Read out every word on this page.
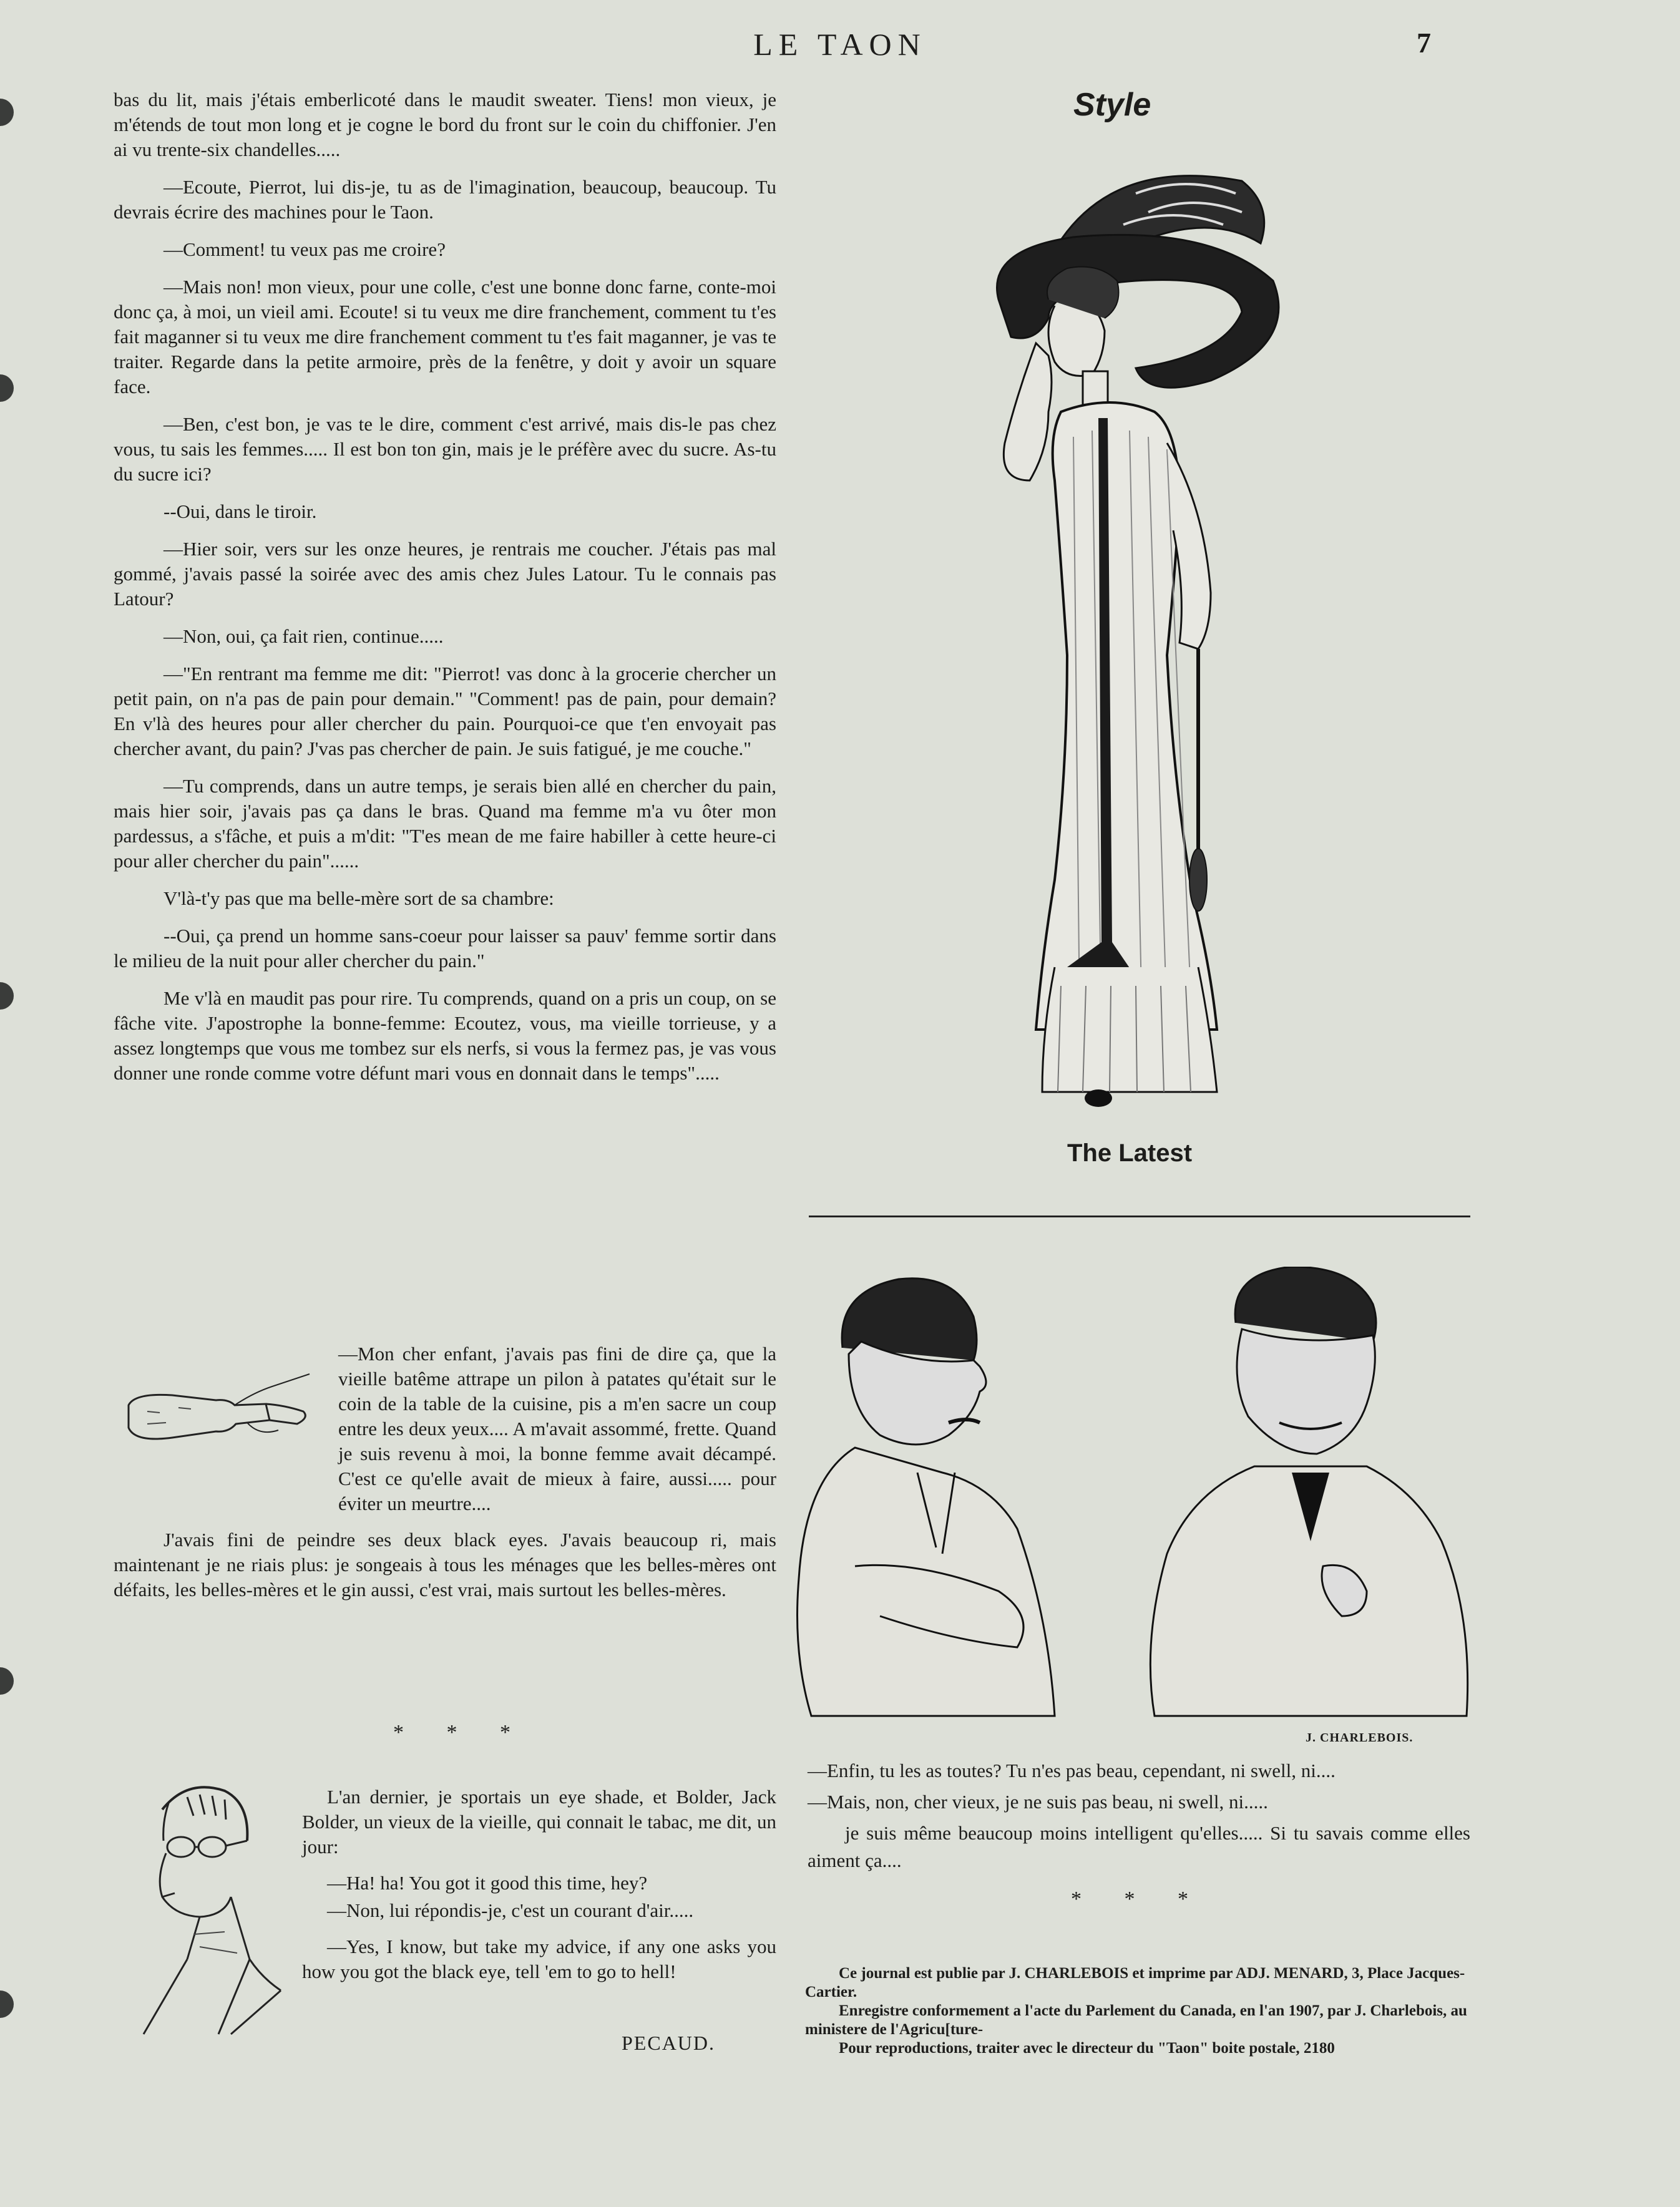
LE TAON	7

bas du lit, mais j'étais emberlicoté dans le maudit sweater. Tiens! mon vieux, je m'étends de tout mon long et je cogne le bord du front sur le coin du chiffonier. J'en ai vu trente-six chandelles.....

—Ecoute, Pierrot, lui dis-je, tu as de l'imagination, beaucoup, beaucoup. Tu devrais écrire des machines pour le Taon.

—Comment! tu veux pas me croire?

—Mais non! mon vieux, pour une colle, c'est une bonne donc farne, conte-moi donc ça, à moi, un vieil ami. Ecoute! si tu veux me dire franchement, comment tu t'es fait maganner si tu veux me dire franchement comment tu t'es fait maganner, je vas te traiter. Regarde dans la petite armoire, près de la fenêtre, y doit y avoir un square face.

—Ben, c'est bon, je vas te le dire, comment c'est arrivé, mais dis-le pas chez vous, tu sais les femmes..... Il est bon ton gin, mais je le préfère avec du sucre. As-tu du sucre ici?

--Oui, dans le tiroir.

—Hier soir, vers sur les onze heures, je rentrais me coucher. J'étais pas mal gommé, j'avais passé la soirée avec des amis chez Jules Latour. Tu le connais pas Latour?

—Non, oui, ça fait rien, continue.....

—"En rentrant ma femme me dit: "Pierrot! vas donc à la grocerie chercher un petit pain, on n'a pas de pain pour demain." "Comment! pas de pain, pour demain? En v'là des heures pour aller chercher du pain. Pourquoi-ce que t'en envoyait pas chercher avant, du pain? J'vas pas chercher de pain. Je suis fatigué, je me couche."

—Tu comprends, dans un autre temps, je serais bien allé en chercher du pain, mais hier soir, j'avais pas ça dans le bras. Quand ma femme m'a vu ôter mon pardessus, a s'fâche, et puis a m'dit: "T'es mean de me faire habiller à cette heure-ci pour aller chercher du pain"......

V'là-t'y pas que ma belle-mère sort de sa chambre:

--Oui, ça prend un homme sans-coeur pour laisser sa pauv' femme sortir dans le milieu de la nuit pour aller chercher du pain."

Me v'là en maudit pas pour rire. Tu comprends, quand on a pris un coup, on se fâche vite. J'apostrophe la bonne-femme: Ecoutez, vous, ma vieille torrieuse, y a assez longtemps que vous me tombez sur els nerfs, si vous la fermez pas, je vas vous donner une ronde comme votre défunt mari vous en donnait dans le temps".....

—Mon cher enfant, j'avais pas fini de dire ça, que la vieille batême attrape un pilon à patates qu'était sur le coin de la table de la cuisine, pis a m'en sacre un coup entre les deux yeux.... A m'avait assommé, frette. Quand je suis revenu à moi, la bonne femme avait décampé. C'est ce qu'elle avait de mieux à faire, aussi..... pour éviter un meurtre....

J'avais fini de peindre ses deux black eyes. J'avais beaucoup ri, mais maintenant je ne riais plus: je songeais à tous les ménages que les belles-mères ont défaits, les belles-mères et le gin aussi, c'est vrai, mais surtout les belles-mères.

* * *

L'an dernier, je sportais un eye shade, et Bolder, Jack Bolder, un vieux de la vieille, qui connait le tabac, me dit, un jour:

—Ha! ha! You got it good this time, hey?

—Non, lui répondis-je, c'est un courant d'air.....

—Yes, I know, but take my advice, if any one asks you how you got the black eye, tell 'em to go to hell!

PECAUD.
Style
The Latest
J. CHARLEBOIS.

—Enfin, tu les as toutes? Tu n'es pas beau, cependant, ni swell, ni....

—Mais, non, cher vieux, je ne suis pas beau, ni swell, ni.....

je suis même beaucoup moins intelligent qu'elles..... Si tu savais comme elles aiment ça....

* * *

Ce journal est publie par J. CHARLEBOIS et imprime par ADJ. MENARD, 3, Place Jacques-Cartier.

Enregistre conformement a l'acte du Parlement du Canada, en l'an 1907, par J. Charlebois, au ministere de l'Agricu[ture-

Pour reproductions, traiter avec le directeur du "Taon" boite postale, 2180
